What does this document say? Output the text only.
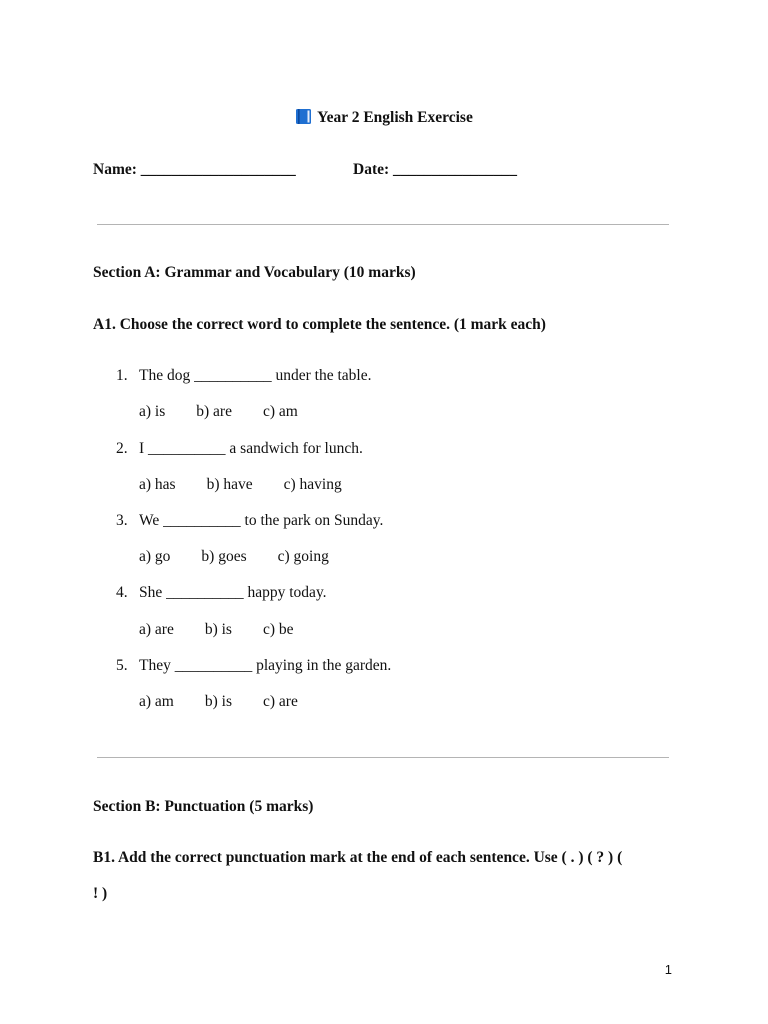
Year 2 English Exercise
Name: ____________________	Date: ________________
Section A: Grammar and Vocabulary (10 marks)
A1. Choose the correct word to complete the sentence. (1 mark each)
1. The dog __________ under the table.
a) is b) are c) am
2. I __________ a sandwich for lunch.
a) has b) have c) having
3. We __________ to the park on Sunday.
a) go b) goes c) going
4. She __________ happy today.
a) are b) is c) be
5. They __________ playing in the garden.
a) am b) is c) are
Section B: Punctuation (5 marks)
B1. Add the correct punctuation mark at the end of each sentence. Use ( . ) ( ? ) (
! )
1
